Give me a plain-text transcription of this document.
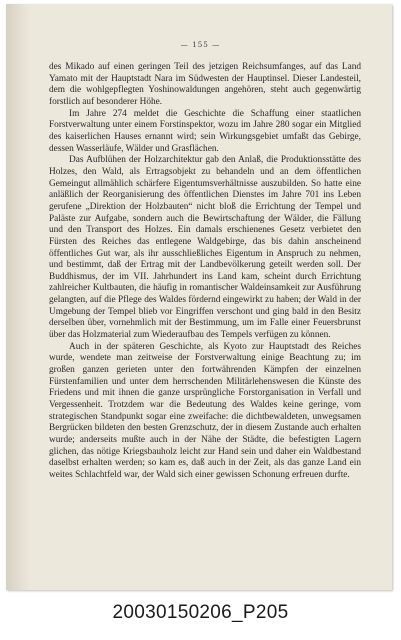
— 155 —

des Mikado auf einen geringen Teil des jetzigen Reichsumfanges, auf das Land Yamato mit der Hauptstadt Nara im Südwesten der Hauptinsel. Dieser Landesteil, dem die wohlgepflegten Yoshinowaldungen angehören, steht auch gegenwärtig forstlich auf besonderer Höhe.

Im Jahre 274 meldet die Geschichte die Schaffung einer staatlichen Forstverwaltung unter einem Forstinspektor, wozu im Jahre 280 sogar ein Mitglied des kaiserlichen Hauses ernannt wird; sein Wirkungsgebiet umfaßt das Gebirge, dessen Wasserläufe, Wälder und Grasflächen.

Das Aufblühen der Holzarchitektur gab den Anlaß, die Produktionsstätte des Holzes, den Wald, als Ertragsobjekt zu behandeln und an dem öffentlichen Gemeingut allmählich schärfere Eigentumsverhältnisse auszubilden. So hatte eine anläßlich der Reorganisierung des öffentlichen Dienstes im Jahre 701 ins Leben gerufene „Direktion der Holzbauten“ nicht bloß die Errichtung der Tempel und Paläste zur Aufgabe, sondern auch die Bewirtschaftung der Wälder, die Fällung und den Transport des Holzes. Ein damals erschienenes Gesetz verbietet den Fürsten des Reiches das entlegene Waldgebirge, das bis dahin anscheinend öffentliches Gut war, als ihr ausschließliches Eigentum in Anspruch zu nehmen, und bestimmt, daß der Ertrag mit der Landbevölkerung geteilt werden soll. Der Buddhismus, der im VII. Jahrhundert ins Land kam, scheint durch Errichtung zahlreicher Kultbauten, die häufig in romantischer Waldeinsamkeit zur Ausführung gelangten, auf die Pflege des Waldes fördernd eingewirkt zu haben; der Wald in der Umgebung der Tempel blieb vor Eingriffen verschont und ging bald in den Besitz derselben über, vornehmlich mit der Bestimmung, um im Falle einer Feuersbrunst über das Holzmaterial zum Wiederaufbau des Tempels verfügen zu können.

Auch in der späteren Geschichte, als Kyoto zur Hauptstadt des Reiches wurde, wendete man zeitweise der Forstverwaltung einige Beachtung zu; im großen ganzen gerieten unter den fortwährenden Kämpfen der einzelnen Fürstenfamilien und unter dem herrschenden Militärlehenswesen die Künste des Friedens und mit ihnen die ganze ursprüngliche Forstorganisation in Verfall und Vergessenheit. Trotzdem war die Bedeutung des Waldes keine geringe, vom strategischen Standpunkt sogar eine zweifache: die dichtbewaldeten, unwegsamen Bergrücken bildeten den besten Grenzschutz, der in diesem Zustande auch erhalten wurde; anderseits mußte auch in der Nähe der Städte, die befestigten Lagern glichen, das nötige Kriegsbauholz leicht zur Hand sein und daher ein Waldbestand daselbst erhalten werden; so kam es, daß auch in der Zeit, als das ganze Land ein weites Schlachtfeld war, der Wald sich einer gewissen Schonung erfreuen durfte.

20030150206_P205
